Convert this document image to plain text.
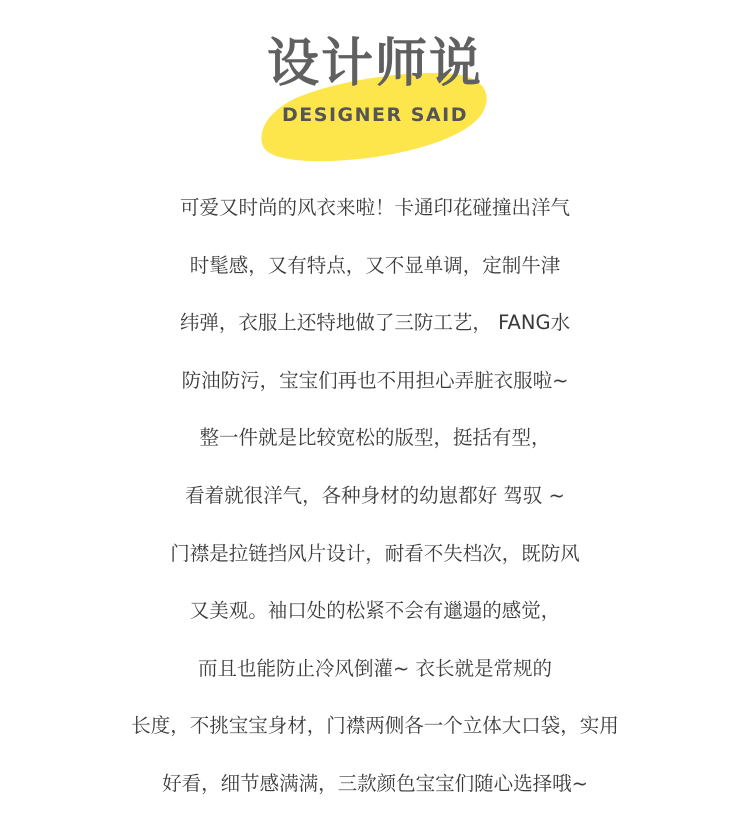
设计师说
DESIGNER SAID
可爱又时尚的风衣来啦！卡通印花碰撞出洋气
时髦感，又有特点，又不显单调，定制牛津
纬弹，衣服上还特地做了三防工艺， FANG水
防油防污，宝宝们再也不用担心弄脏衣服啦~
整一件就是比较宽松的版型，挺括有型，
看着就很洋气，各种身材的幼崽都好 驾驭 ~
门襟是拉链挡风片设计，耐看不失档次，既防风
又美观。袖口处的松紧不会有邋遢的感觉，
而且也能防止冷风倒灌~ 衣长就是常规的
长度，不挑宝宝身材，门襟两侧各一个立体大口袋，实用
好看，细节感满满，三款颜色宝宝们随心选择哦~
